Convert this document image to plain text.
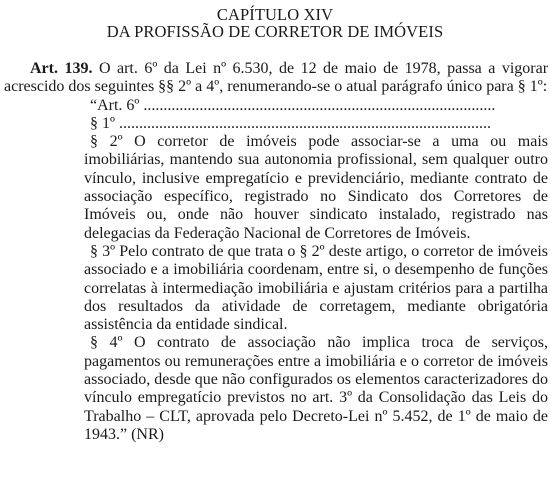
CAPÍTULO XIV
DA PROFISSÃO DE CORRETOR DE IMÓVEIS

Art. 139. O art. 6º da Lei nº 6.530, de 12 de maio de 1978, passa a vigorar acrescido dos seguintes §§ 2º a 4º, renumerando-se o atual parágrafo único para § 1º:

“Art. 6º ........................................................................................

§ 1º .............................................................................................

§ 2º O corretor de imóveis pode associar-se a uma ou mais imobiliárias, mantendo sua autonomia profissional, sem qualquer outro vínculo, inclusive empregatício e previdenciário, mediante contrato de associação específico, registrado no Sindicato dos Corretores de Imóveis ou, onde não houver sindicato instalado, registrado nas delegacias da Federação Nacional de Corretores de Imóveis.

§ 3º Pelo contrato de que trata o § 2º deste artigo, o corretor de imóveis associado e a imobiliária coordenam, entre si, o desempenho de funções correlatas à intermediação imobiliária e ajustam critérios para a partilha dos resultados da atividade de corretagem, mediante obrigatória assistência da entidade sindical.

§ 4º O contrato de associação não implica troca de serviços, pagamentos ou remunerações entre a imobiliária e o corretor de imóveis associado, desde que não configurados os elementos caracterizadores do vínculo empregatício previstos no art. 3º da Consolidação das Leis do Trabalho – CLT, aprovada pelo Decreto-Lei nº 5.452, de 1º de maio de 1943.” (NR)
